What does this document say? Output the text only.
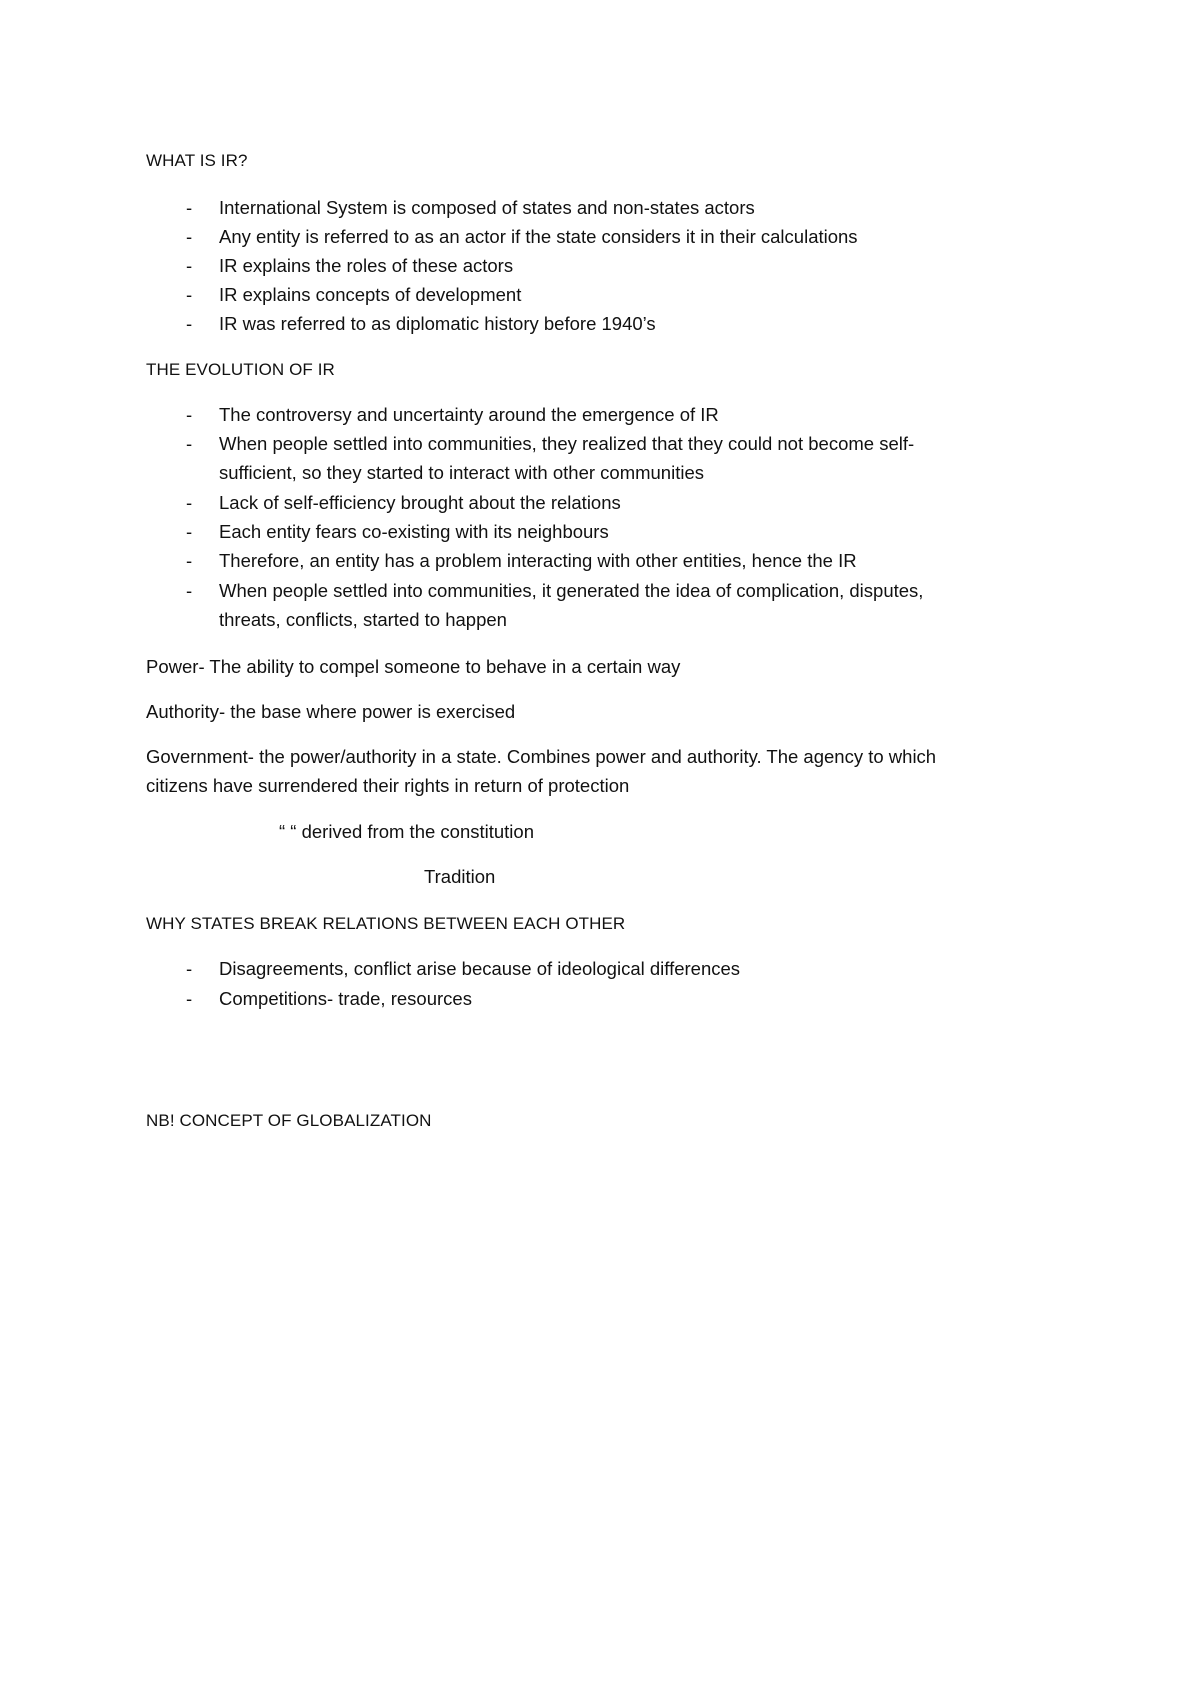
WHAT IS IR?
- International System is composed of states and non-states actors
- Any entity is referred to as an actor if the state considers it in their calculations
- IR explains the roles of these actors
- IR explains concepts of development
- IR was referred to as diplomatic history before 1940’s
THE EVOLUTION OF IR
- The controversy and uncertainty around the emergence of IR
- When people settled into communities, they realized that they could not become self-
sufficient, so they started to interact with other communities
- Lack of self-efficiency brought about the relations
- Each entity fears co-existing with its neighbours
- Therefore, an entity has a problem interacting with other entities, hence the IR
- When people settled into communities, it generated the idea of complication, disputes,
threats, conflicts, started to happen
Power- The ability to compel someone to behave in a certain way
Authority- the base where power is exercised
Government- the power/authority in a state. Combines power and authority. The agency to which
citizens have surrendered their rights in return of protection
“ “ derived from the constitution
Tradition
WHY STATES BREAK RELATIONS BETWEEN EACH OTHER
- Disagreements, conflict arise because of ideological differences
- Competitions- trade, resources
NB! CONCEPT OF GLOBALIZATION
